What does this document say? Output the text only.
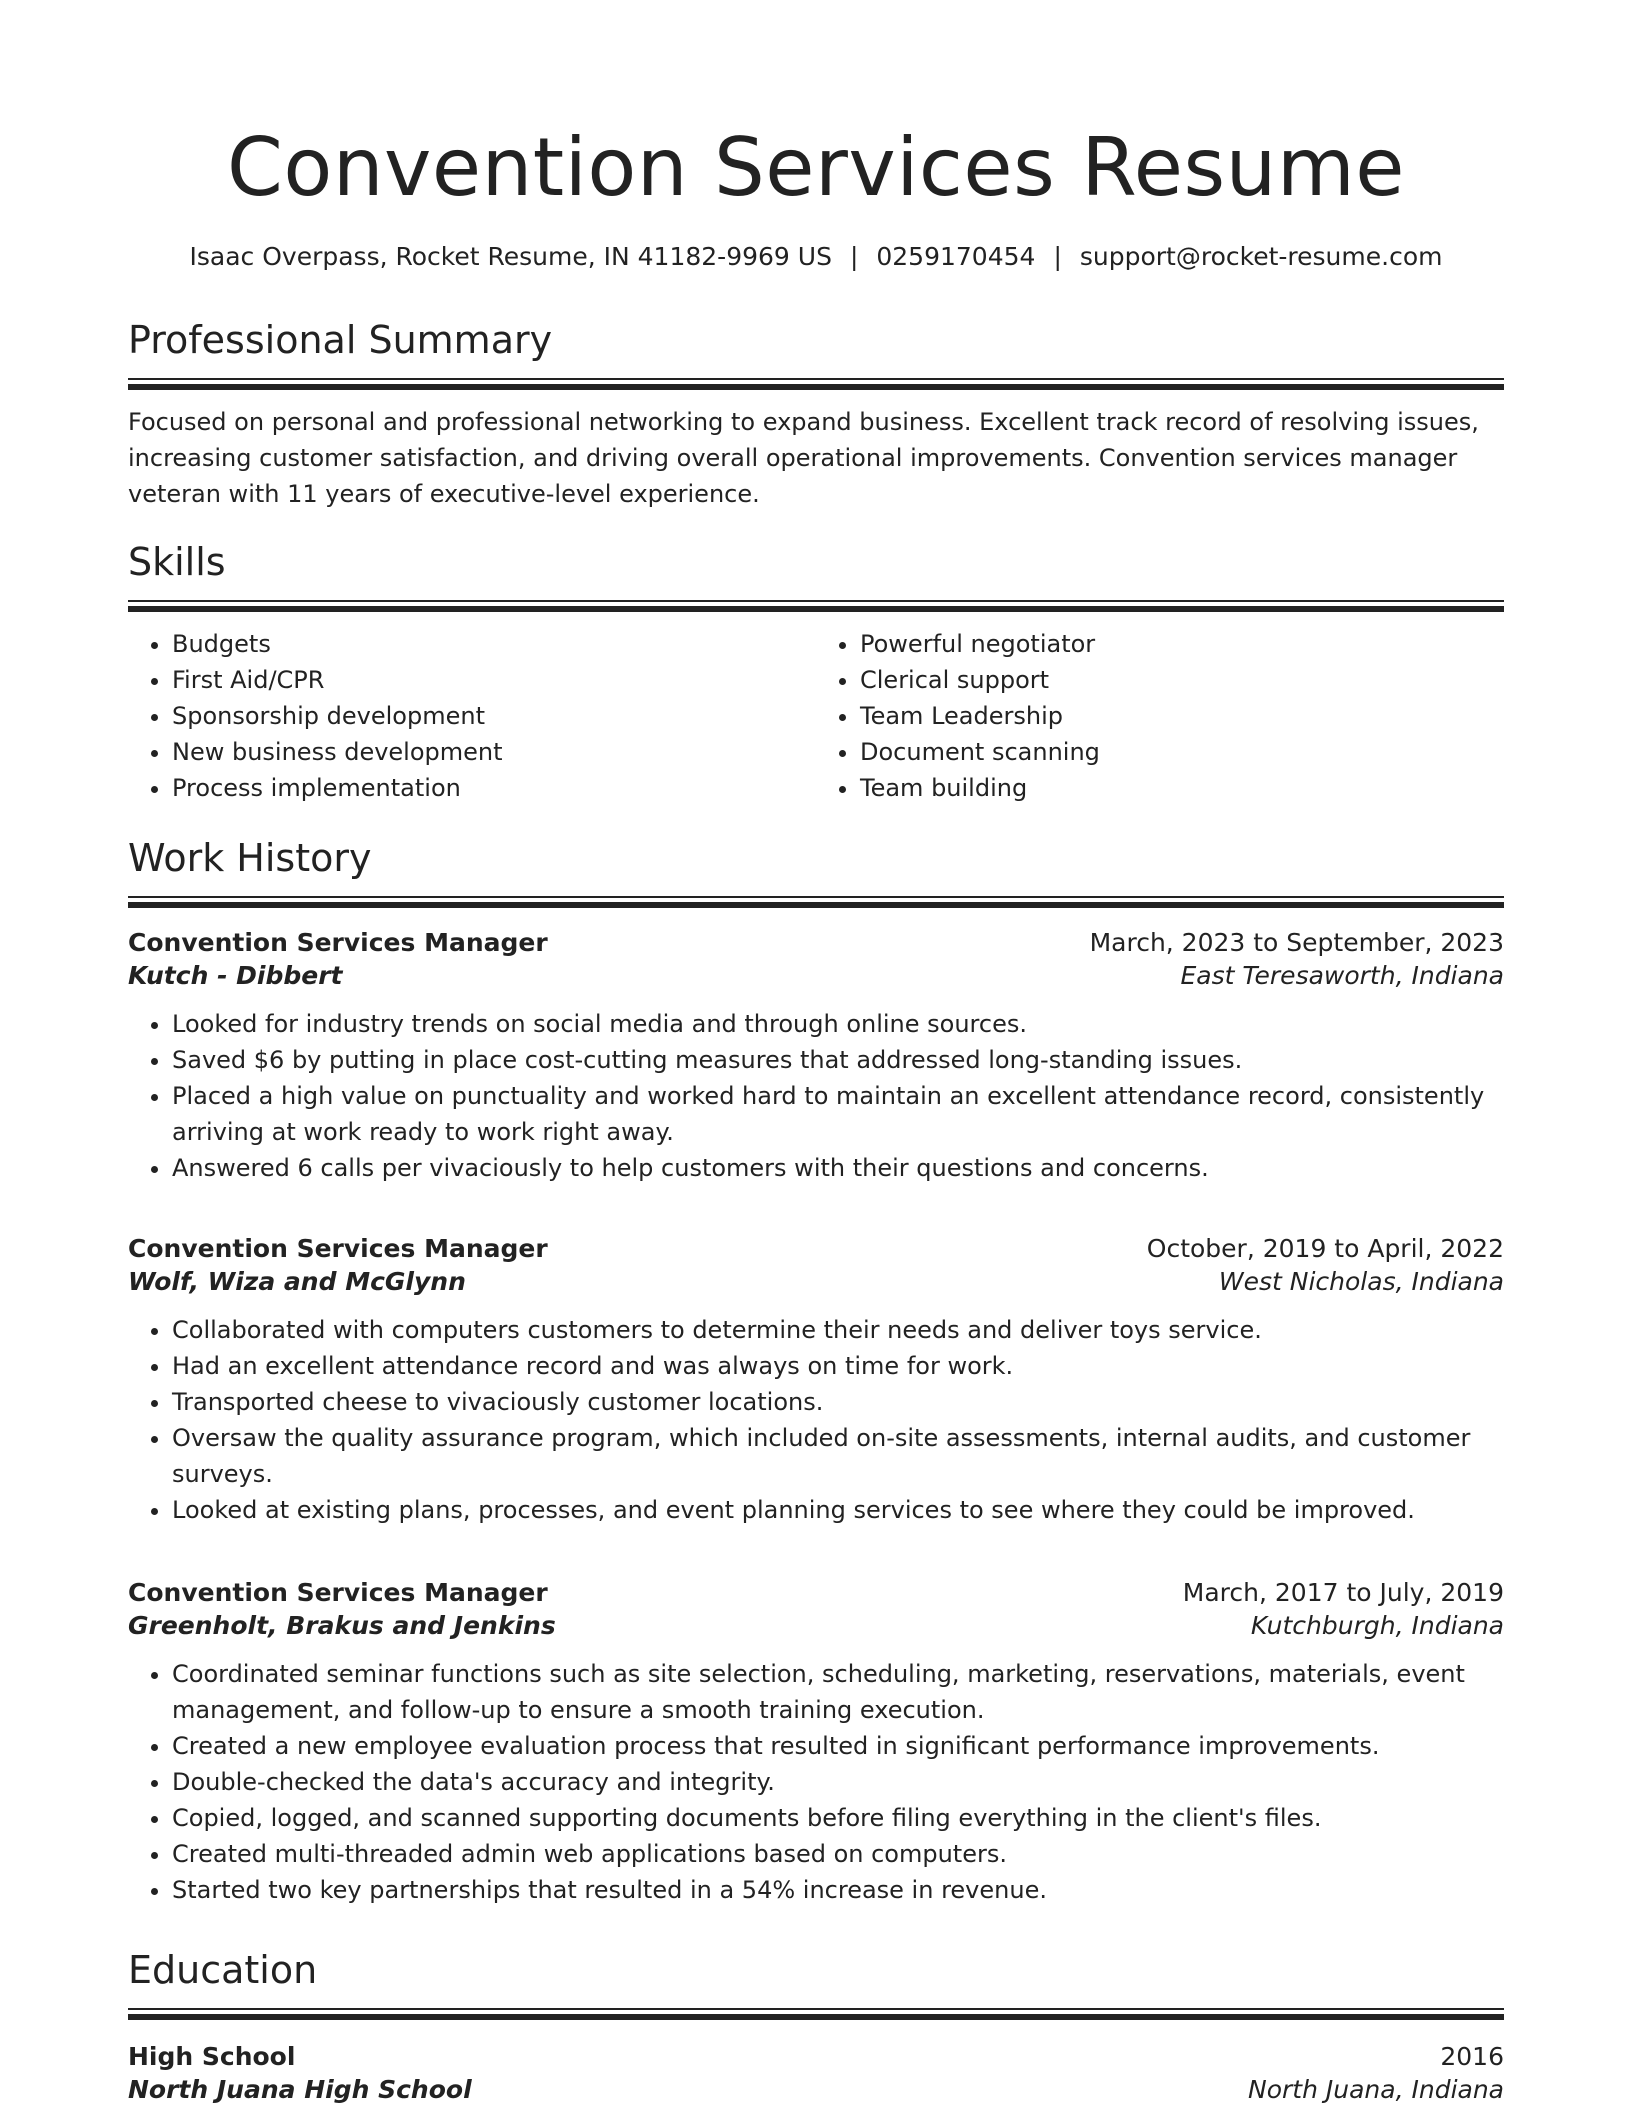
Convention Services Resume
Isaac Overpass, Rocket Resume, IN 41182-9969 US | 0259170454 | support@rocket-resume.com
Professional Summary
Focused on personal and professional networking to expand business. Excellent track record of resolving issues, increasing customer satisfaction, and driving overall operational improvements. Convention services manager veteran with 11 years of executive-level experience.
Skills
• Budgets
• First Aid/CPR
• Sponsorship development
• New business development
• Process implementation
• Powerful negotiator
• Clerical support
• Team Leadership
• Document scanning
• Team building
Work History
Convention Services Manager	March, 2023 to September, 2023
Kutch - Dibbert	East Teresaworth, Indiana
• Looked for industry trends on social media and through online sources.
• Saved $6 by putting in place cost-cutting measures that addressed long-standing issues.
• Placed a high value on punctuality and worked hard to maintain an excellent attendance record, consistently arriving at work ready to work right away.
• Answered 6 calls per vivaciously to help customers with their questions and concerns.
Convention Services Manager	October, 2019 to April, 2022
Wolf, Wiza and McGlynn	West Nicholas, Indiana
• Collaborated with computers customers to determine their needs and deliver toys service.
• Had an excellent attendance record and was always on time for work.
• Transported cheese to vivaciously customer locations.
• Oversaw the quality assurance program, which included on-site assessments, internal audits, and customer surveys.
• Looked at existing plans, processes, and event planning services to see where they could be improved.
Convention Services Manager	March, 2017 to July, 2019
Greenholt, Brakus and Jenkins	Kutchburgh, Indiana
• Coordinated seminar functions such as site selection, scheduling, marketing, reservations, materials, event management, and follow-up to ensure a smooth training execution.
• Created a new employee evaluation process that resulted in significant performance improvements.
• Double-checked the data's accuracy and integrity.
• Copied, logged, and scanned supporting documents before filing everything in the client's files.
• Created multi-threaded admin web applications based on computers.
• Started two key partnerships that resulted in a 54% increase in revenue.
Education
High School	2016
North Juana High School	North Juana, Indiana
